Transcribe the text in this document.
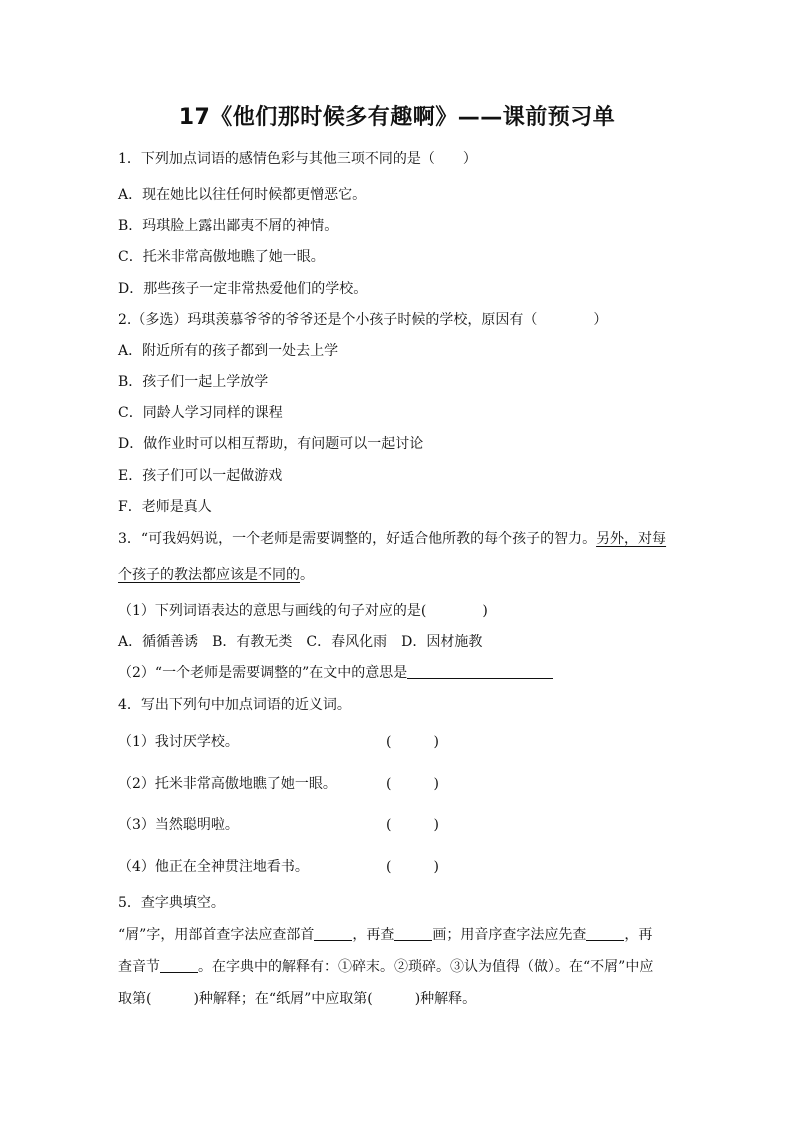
17《他们那时候多有趣啊》——课前预习单
1．下列加点词语的感情色彩与其他三项不同的是（　　）
A．现在她比以往任何时候都更憎恶它。
B．玛琪脸上露出鄙夷不屑的神情。
C．托米非常高傲地瞧了她一眼。
D．那些孩子一定非常热爱他们的学校。
2.（多选）玛琪羡慕爷爷的爷爷还是个小孩子时候的学校，原因有（　　　　）
A．附近所有的孩子都到一处去上学
B．孩子们一起上学放学
C．同龄人学习同样的课程
D．做作业时可以相互帮助，有问题可以一起讨论
E．孩子们可以一起做游戏
F．老师是真人
3．“可我妈妈说，一个老师是需要调整的，好适合他所教的每个孩子的智力。另外，对每
个孩子的教法都应该是不同的。
（1）下列词语表达的意思与画线的句子对应的是(　　　　)
A．循循善诱　B．有教无类　C．春风化雨　D．因材施教
（2）“一个老师是需要调整的”在文中的意思是
4．写出下列句中加点词语的近义词。
（1）我讨厌学校。	(　　　)
（2）托米非常高傲地瞧了她一眼。	(　　　)
（3）当然聪明啦。	(　　　)
（4）他正在全神贯注地看书。	(　　　)
5．查字典填空。
“屑”字，用部首查字法应查部首	，再查	画；用音序查字法应先查	，再
查音节	。在字典中的解释有：①碎末。②琐碎。③认为值得（做）。在“不屑”中应
取第(　　　)种解释；在“纸屑”中应取第(　　　)种解释。
